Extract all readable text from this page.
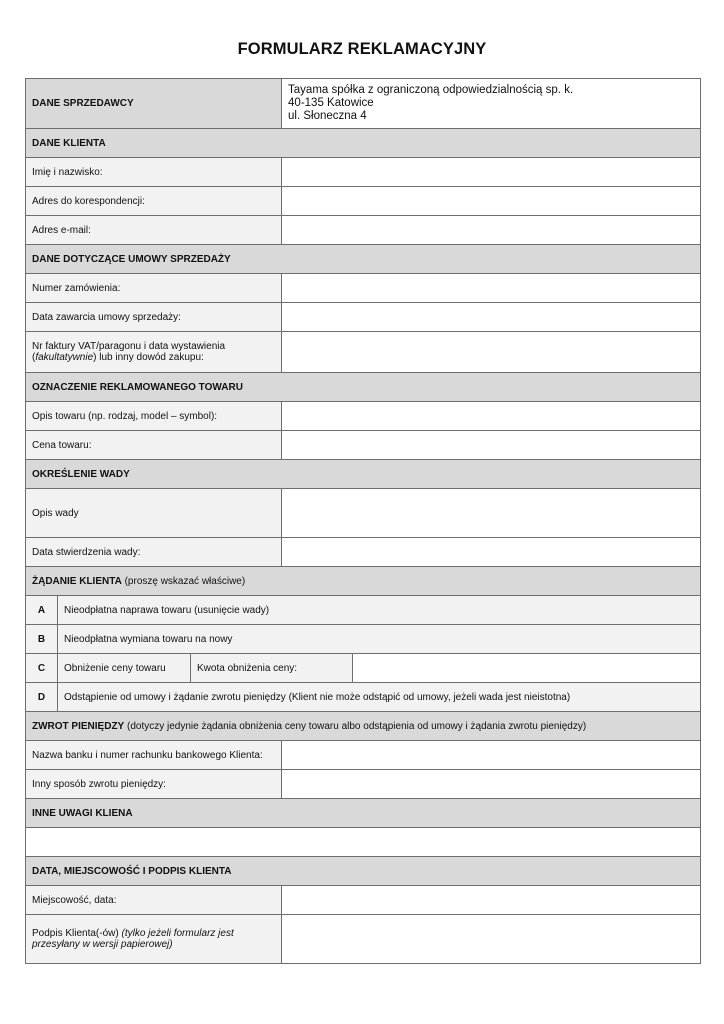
FORMULARZ REKLAMACYJNY
DANE SPRZEDAWCY			Tayama spółka z ograniczoną odpowiedzialnością sp. k.
40-135 Katowice
ul. Słoneczna 4	

DANE KLIENTA				
Imię i nazwisko:				
Adres do korespondencji:				
Adres e-mail:				
DANE DOTYCZĄCE UMOWY SPRZEDAŻY				
Numer zamówienia:				
Data zawarcia umowy sprzedaży:				

Nr faktury VAT/paragonu i data wystawienia
(fakultatywnie) lub inny dowód zakupu:				

OZNACZENIE REKLAMOWANEGO TOWARU				
Opis towaru (np. rodzaj, model – symbol):				
Cena towaru:				
OKREŚLENIE WADY				
Opis wady				
Data stwierdzenia wady:				
ŻĄDANIE KLIENTA (proszę wskazać właściwe)				
A	Nieodpłatna naprawa towaru (usunięcie wady)			
B	Nieodpłatna wymiana towaru na nowy			
C	Obniżenie ceny towaru	Kwota obniżenia ceny:		
D	Odstąpienie od umowy i żądanie zwrotu pieniędzy (Klient nie może odstąpić od umowy, jeżeli wada jest nieistotna)			
ZWROT PIENIĘDZY (dotyczy jedynie żądania obniżenia ceny towaru albo odstąpienia od umowy i żądania zwrotu pieniędzy)				
Nazwa banku i numer rachunku bankowego Klienta:				
Inny sposób zwrotu pieniędzy:				
INNE UWAGI KLIENA				

DATA, MIEJSCOWOŚĆ I PODPIS KLIENTA				
Miejscowość, data:				
Podpis Klienta(-ów) (tylko jeżeli formularz jest przesyłany w wersji papierowej)				
